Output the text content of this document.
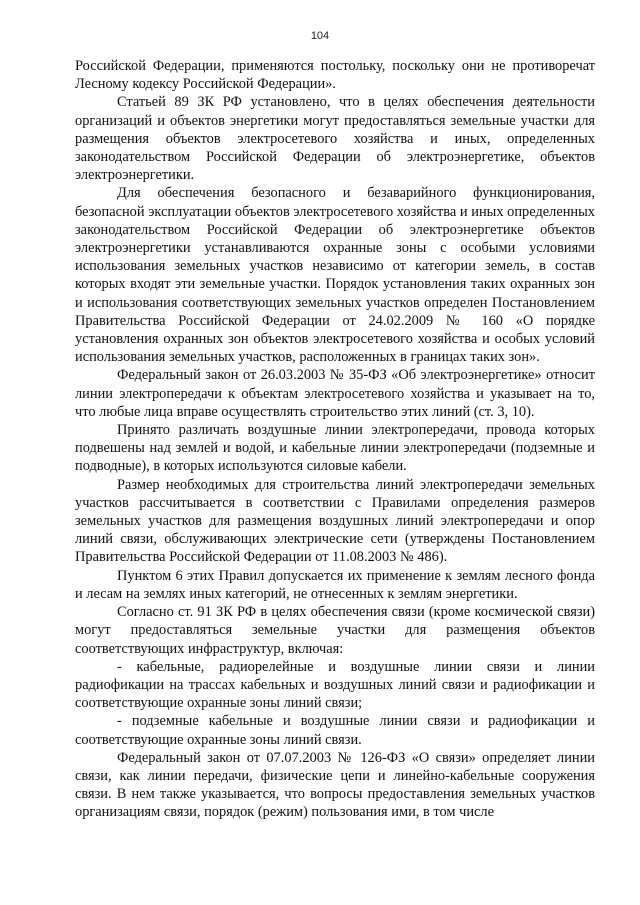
104

Российской Федерации, применяются постольку, поскольку они не противоречат Лесному кодексу Российской Федерации».

Статьей 89 ЗК РФ установлено, что в целях обеспечения деятельности организаций и объектов энергетики могут предоставляться земельные участки для размещения объектов электросетевого хозяйства и иных, определенных законодательством Российской Федерации об электроэнергетике, объектов электроэнергетики.

Для обеспечения безопасного и безаварийного функционирования, безопасной эксплуатации объектов электросетевого хозяйства и иных определенных законодательством Российской Федерации об электроэнергетике объектов электроэнергетики устанавливаются охранные зоны с особыми условиями использования земельных участков независимо от категории земель, в состав которых входят эти земельные участки. Порядок установления таких охранных зон и использования соответствующих земельных участков определен Постановлением Правительства Российской Федерации от 24.02.2009 № 160 «О порядке установления охранных зон объектов электросетевого хозяйства и особых условий использования земельных участков, расположенных в границах таких зон».

Федеральный закон от 26.03.2003 № 35-ФЗ «Об электроэнергетике» относит линии электропередачи к объектам электросетевого хозяйства и указывает на то, что любые лица вправе осуществлять строительство этих линий (ст. 3, 10).

Принято различать воздушные линии электропередачи, провода которых подвешены над землей и водой, и кабельные линии электропередачи (подземные и подводные), в которых используются силовые кабели.

Размер необходимых для строительства линий электропередачи земельных участков рассчитывается в соответствии с Правилами определения размеров земельных участков для размещения воздушных линий электропередачи и опор линий связи, обслуживающих электрические сети (утверждены Постановлением Правительства Российской Федерации от 11.08.2003 № 486).

Пунктом 6 этих Правил допускается их применение к землям лесного фонда и лесам на землях иных категорий, не отнесенных к землям энергетики.

Согласно ст. 91 ЗК РФ в целях обеспечения связи (кроме космической связи) могут предоставляться земельные участки для размещения объектов соответствующих инфраструктур, включая:

- кабельные, радиорелейные и воздушные линии связи и линии радиофикации на трассах кабельных и воздушных линий связи и радиофикации и соответствующие охранные зоны линий связи;

- подземные кабельные и воздушные линии связи и радиофикации и соответствующие охранные зоны линий связи.

Федеральный закон от 07.07.2003 № 126-ФЗ «О связи» определяет линии связи, как линии передачи, физические цепи и линейно-кабельные сооружения связи. В нем также указывается, что вопросы предоставления земельных участков организациям связи, порядок (режим) пользования ими, в том числе
